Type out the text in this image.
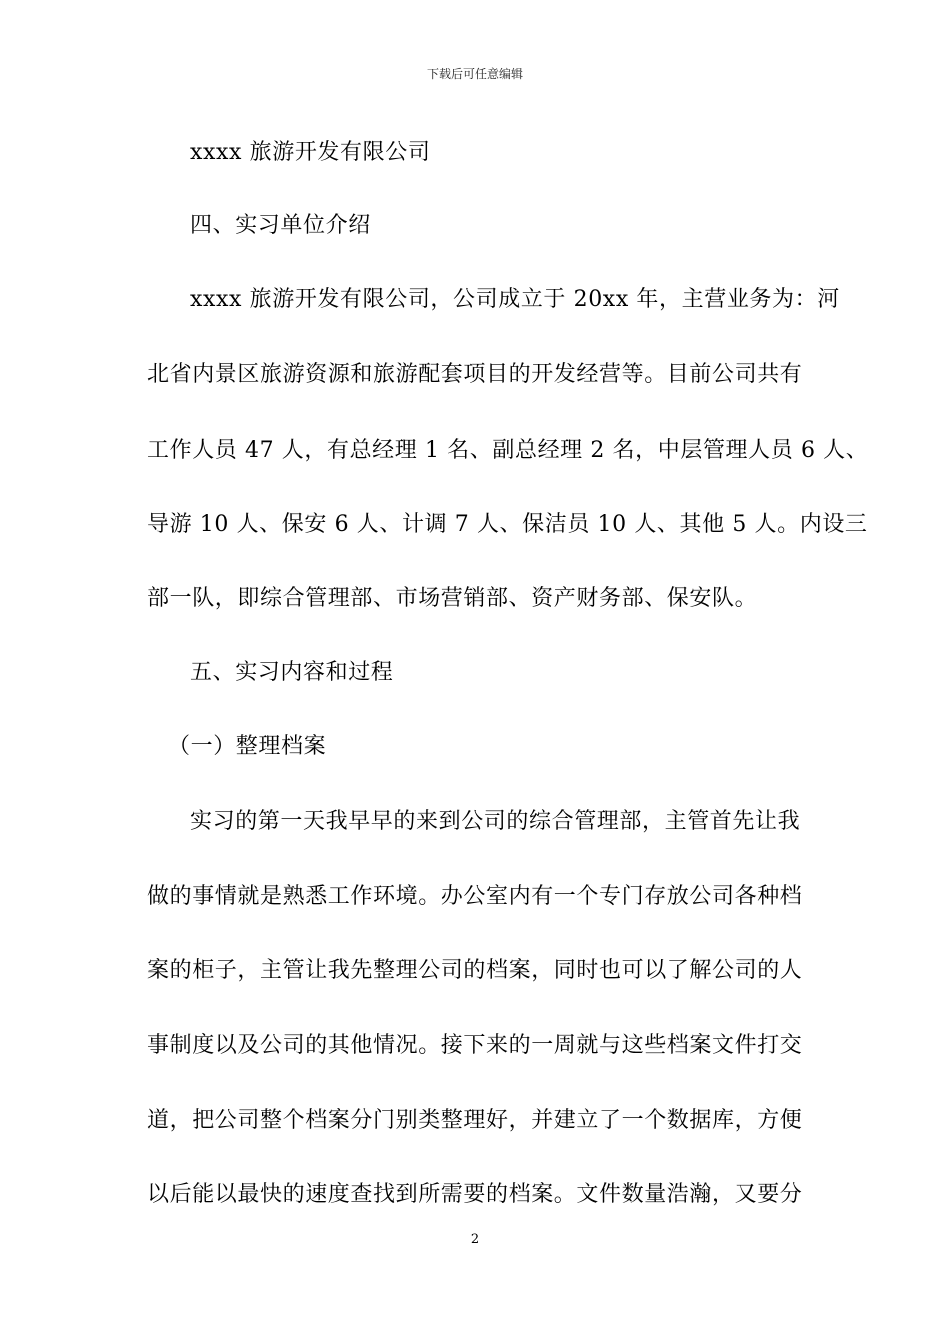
下载后可任意编辑
xxxx 旅游开发有限公司
四、实习单位介绍
xxxx 旅游开发有限公司，公司成立于 20xx 年，主营业务为：河
北省内景区旅游资源和旅游配套项目的开发经营等。目前公司共有
工作人员 47 人，有总经理 1 名、副总经理 2 名，中层管理人员 6 人、
导游 10 人、保安 6 人、计调 7 人、保洁员 10 人、其他 5 人。内设三
部一队，即综合管理部、市场营销部、资产财务部、保安队。
五、实习内容和过程
（一）整理档案
实习的第一天我早早的来到公司的综合管理部，主管首先让我
做的事情就是熟悉工作环境。办公室内有一个专门存放公司各种档
案的柜子，主管让我先整理公司的档案，同时也可以了解公司的人
事制度以及公司的其他情况。接下来的一周就与这些档案文件打交
道，把公司整个档案分门别类整理好，并建立了一个数据库，方便
以后能以最快的速度查找到所需要的档案。文件数量浩瀚，又要分
2
